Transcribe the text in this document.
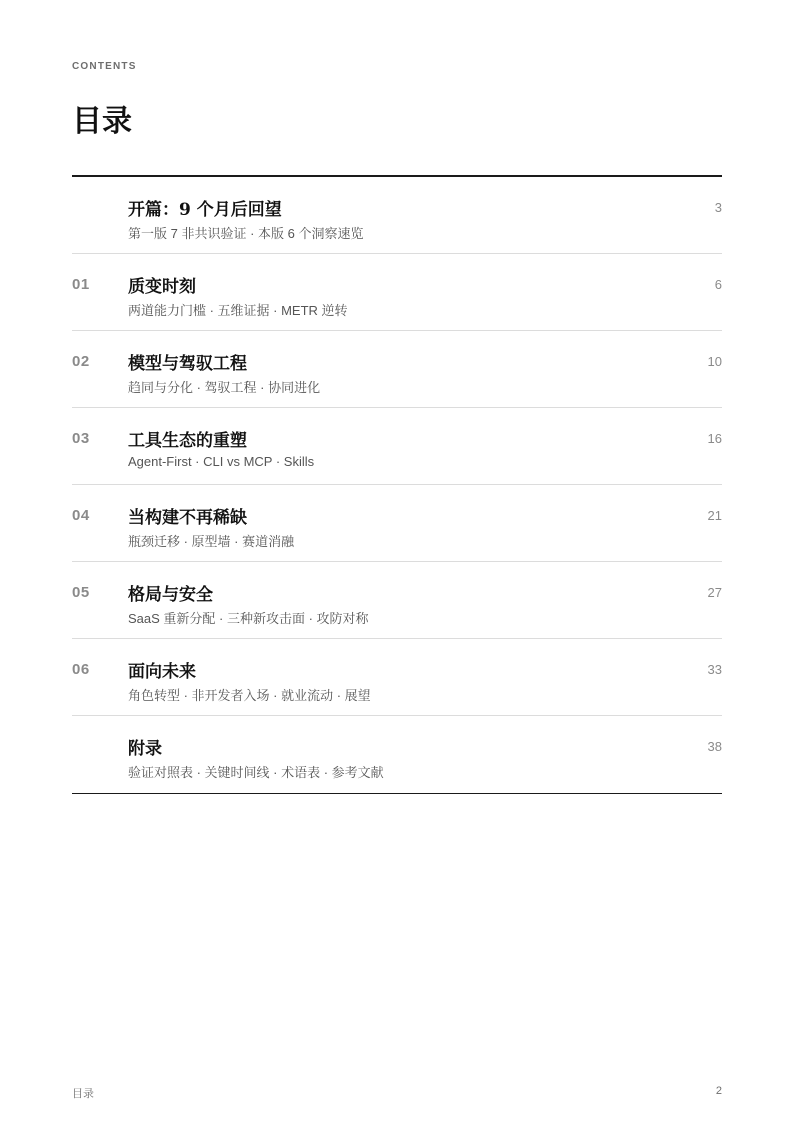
CONTENTS
目录
开篇：9 个月后回望
第一版 7 非共识验证 · 本版 6 个洞察速览
3
01 质变时刻
两道能力门槛 · 五维证据 · METR 逆转
6
02 模型与驾驭工程
趋同与分化 · 驾驭工程 · 协同进化
10
03 工具生态的重塑
Agent-First · CLI vs MCP · Skills
16
04 当构建不再稀缺
瓶颈迁移 · 原型墙 · 赛道消融
21
05 格局与安全
SaaS 重新分配 · 三种新攻击面 · 攻防对称
27
06 面向未来
角色转型 · 非开发者入场 · 就业流动 · 展望
33
附录
验证对照表 · 关键时间线 · 术语表 · 参考文献
38
目录	2
